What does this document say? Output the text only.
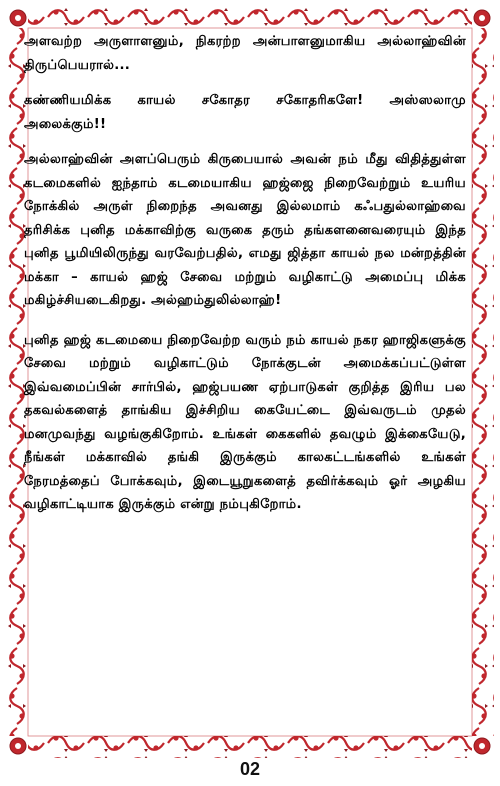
அளவற்ற அருளாளனும், நிகரற்ற அன்பாளனுமாகிய அல்லாஹ்வின் திருப்பெயரால்...

கண்ணியமிக்க காயல் சகோதர சகோதரிகளே! அஸ்ஸலாமு அலைக்கும்!!

அல்லாஹ்வின் அளப்பெரும் கிருபையால் அவன் நம் மீது விதித்துள்ள கடமைகளில் ஐந்தாம் கடமையாகிய ஹஜ்ஜை நிறைவேற்றும் உயரிய நோக்கில் அருள் நிறைந்த அவனது இல்லமாம் கஃபதுல்லாஹ்வை தரிசிக்க புனித மக்காவிற்கு வருகை தரும் தங்களனைவரையும் இந்த புனித பூமியிலிருந்து வரவேற்பதில், எமது ஜித்தா காயல் நல மன்றத்தின் மக்கா – காயல் ஹஜ் சேவை மற்றும் வழிகாட்டு அமைப்பு மிக்க மகிழ்ச்சியடைகிறது. அல்ஹம்துலில்லாஹ்!

புனித ஹஜ் கடமையை நிறைவேற்ற வரும் நம் காயல் நகர ஹாஜிகளுக்கு சேவை மற்றும் வழிகாட்டும் நோக்குடன் அமைக்கப்பட்டுள்ள இவ்வமைப்பின் சார்பில், ஹஜ்பயண ஏற்பாடுகள் குறித்த இரிய பல தகவல்களைத் தாங்கிய இச்சிறிய கையேட்டை இவ்வருடம் முதல் மனமுவந்து வழங்குகிறோம். உங்கள் கைகளில் தவழும் இக்கையேடு, நீங்கள் மக்காவில் தங்கி இருக்கும் காலகட்டங்களில் உங்கள் நேரமத்தைப் போக்கவும், இடையூறுகளைத் தவிர்க்கவும் ஓர் அழகிய வழிகாட்டியாக இருக்கும் என்று நம்புகிறோம்.

02
